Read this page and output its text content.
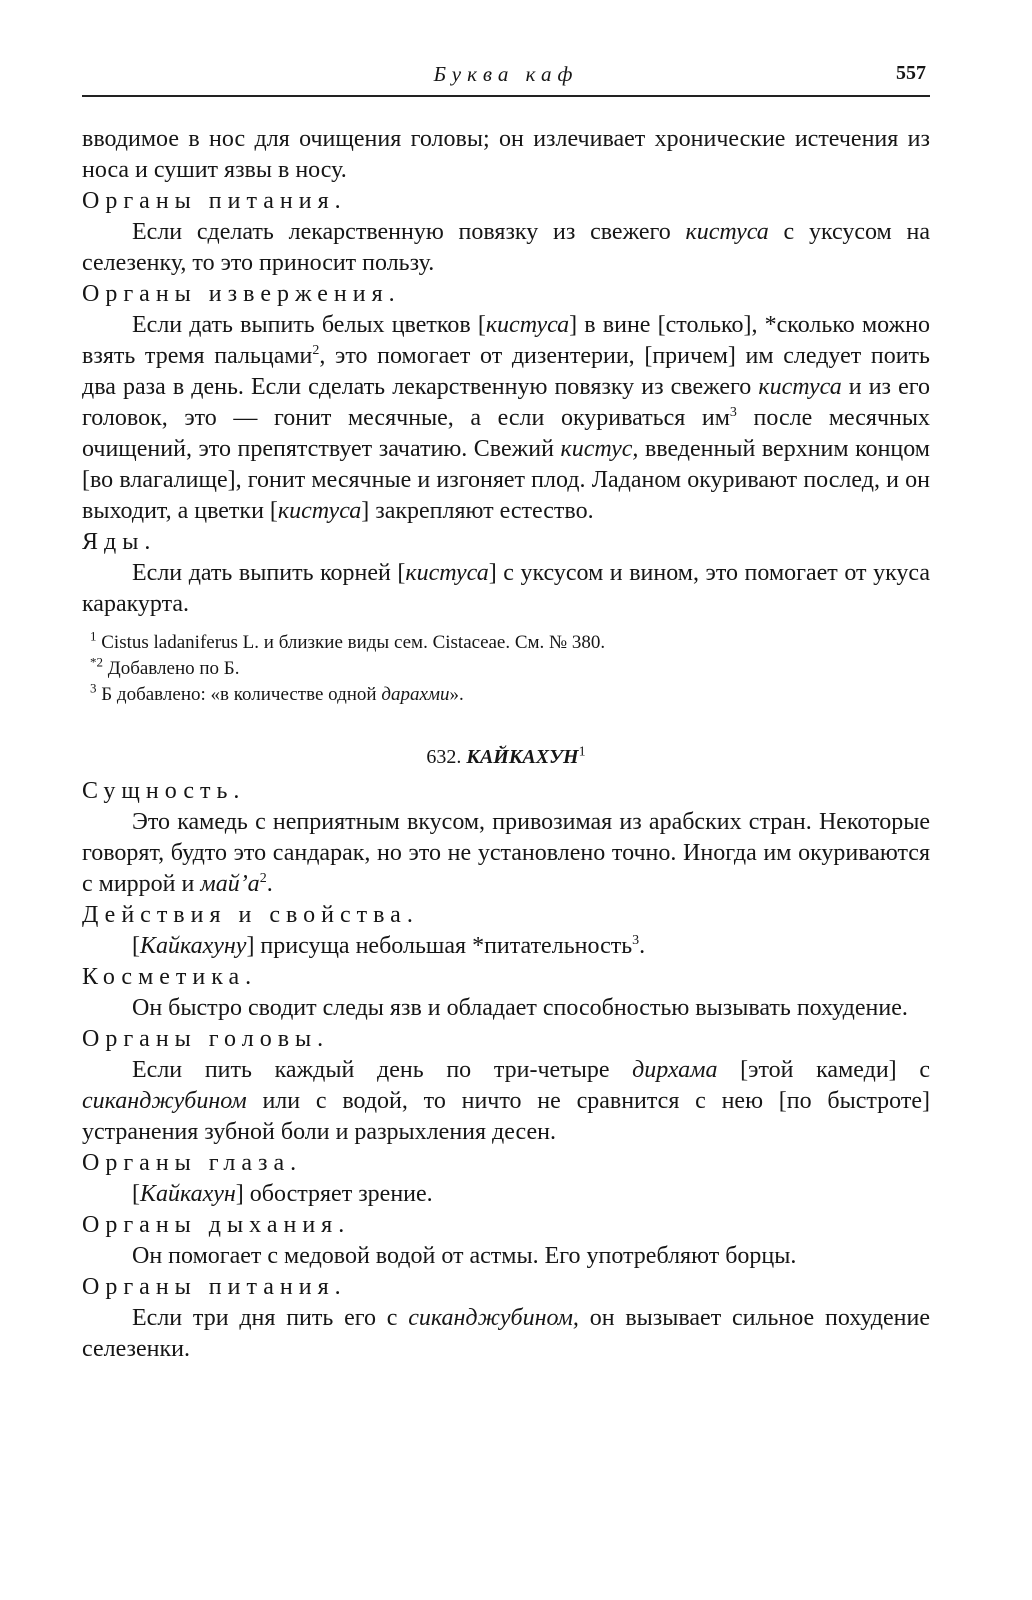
Буква каф	557

вводимое в нос для очищения головы; он излечивает хронические истечения из носа и сушит язвы в носу.

Органы питания.

Если сделать лекарственную повязку из свежего кистуса с уксусом на селезенку, то это приносит пользу.

Органы извержения.

Если дать выпить белых цветков [кистуса] в вине [столько], *сколько можно взять тремя пальцами$^2$, это помогает от дизентерии, [причем] им следует поить два раза в день. Если сделать лекарственную повязку из свежего кистуса и из его головок, это — гонит месячные, а если окуриваться $им^3$ после месячных очищений, это препятствует зачатию. Свежий кистус, введенный верхним концом [во влагалище], гонит месячные и изгоняет плод. Ладаном окуривают послед, и он выходит, а цветки [кистуса] закрепляют естество.

Яды.

Если дать выпить корней [кистуса] с уксусом и вином, это помогает от укуса каракурта.

$^1$ Cistus ladaniferus L. и близкие виды сем. Cistaceae. См. № 380.

$^{*2}$ Добавлено по Б.

$^3$ Б добавлено: «в количестве одной дарахми».

632. КАЙКАХУН$^1$

Сущность.

Это камедь с неприятным вкусом, привозимая из арабских стран. Некоторые говорят, будто это сандарак, но это не установлено точно. Иногда им окуриваются с миррой и $май’а^2$.

Действия и свойства.

[Кайкахуну] присуща небольшая *питательность$^3$.

Косметика.

Он быстро сводит следы язв и обладает способностью вызывать похудение.

Органы головы.

Если пить каждый день по три-четыре дирхама [этой камеди] с сиканджубином или с водой, то ничто не сравнится с нею [по быстроте] устранения зубной боли и разрыхления десен.

Органы глаза.

[Кайкахун] обостряет зрение.

Органы дыхания.

Он помогает с медовой водой от астмы. Его употребляют борцы.

Органы питания.

Если три дня пить его с сиканджубином, он вызывает сильное похудение селезенки.
